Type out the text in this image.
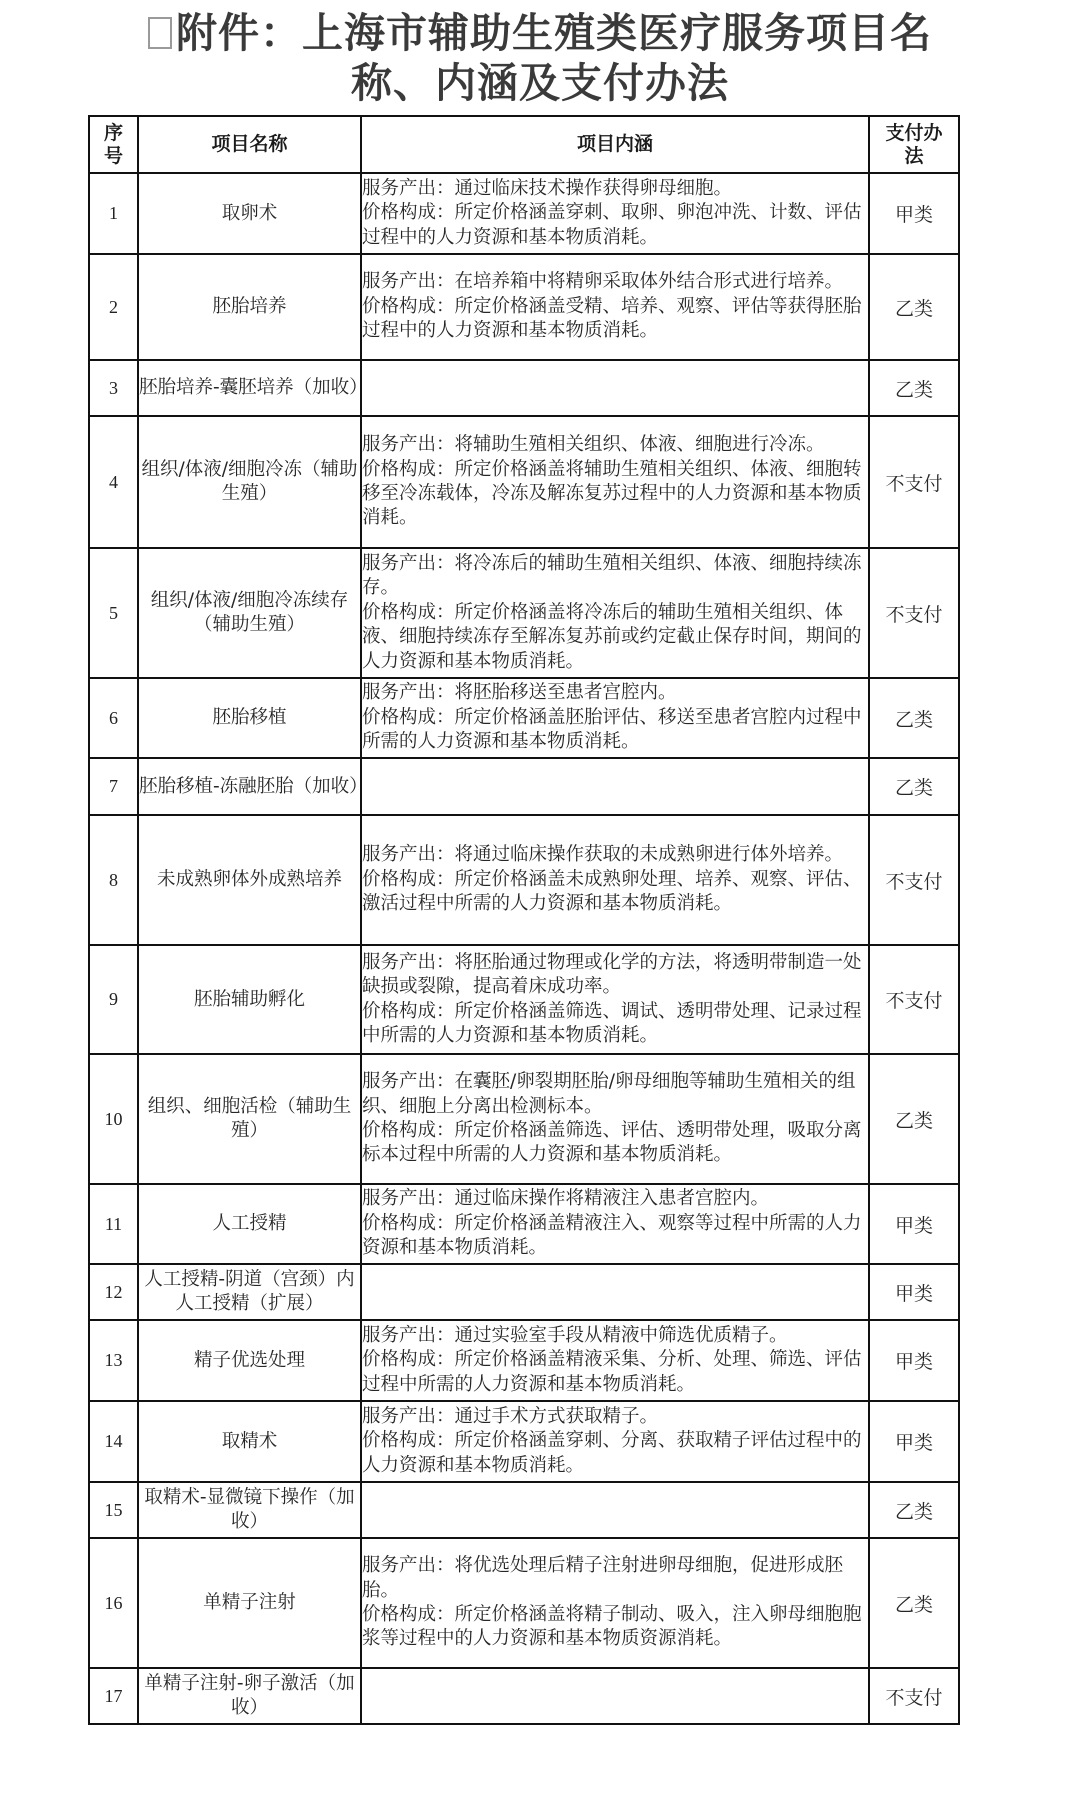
附件：上海市辅助生殖类医疗服务项目名
称、内涵及支付办法
序
号	项目名称	项目内涵	支付办
法
1	取卵术	服务产出：通过临床技术操作获得卵母细胞。
价格构成：所定价格涵盖穿刺、取卵、卵泡冲洗、计数、评估过程中的人力资源和基本物质消耗。	甲类
2	胚胎培养	服务产出：在培养箱中将精卵采取体外结合形式进行培养。
价格构成：所定价格涵盖受精、培养、观察、评估等获得胚胎过程中的人力资源和基本物质消耗。	乙类
3	胚胎培养-囊胚培养（加收）		乙类
4	组织/体液/细胞冷冻（辅助生殖）	服务产出：将辅助生殖相关组织、体液、细胞进行冷冻。
价格构成：所定价格涵盖将辅助生殖相关组织、体液、细胞转移至冷冻载体，冷冻及解冻复苏过程中的人力资源和基本物质消耗。	不支付
5	组织/体液/细胞冷冻续存（辅助生殖）	服务产出：将冷冻后的辅助生殖相关组织、体液、细胞持续冻存。
价格构成：所定价格涵盖将冷冻后的辅助生殖相关组织、体液、细胞持续冻存至解冻复苏前或约定截止保存时间，期间的人力资源和基本物质消耗。	不支付
6	胚胎移植	服务产出：将胚胎移送至患者宫腔内。
价格构成：所定价格涵盖胚胎评估、移送至患者宫腔内过程中所需的人力资源和基本物质消耗。	乙类
7	胚胎移植-冻融胚胎（加收）		乙类
8	未成熟卵体外成熟培养	服务产出：将通过临床操作获取的未成熟卵进行体外培养。
价格构成：所定价格涵盖未成熟卵处理、培养、观察、评估、激活过程中所需的人力资源和基本物质消耗。	不支付
9	胚胎辅助孵化	服务产出：将胚胎通过物理或化学的方法，将透明带制造一处缺损或裂隙，提高着床成功率。
价格构成：所定价格涵盖筛选、调试、透明带处理、记录过程中所需的人力资源和基本物质消耗。	不支付
10	组织、细胞活检（辅助生殖）	服务产出：在囊胚/卵裂期胚胎/卵母细胞等辅助生殖相关的组织、细胞上分离出检测标本。
价格构成：所定价格涵盖筛选、评估、透明带处理，吸取分离标本过程中所需的人力资源和基本物质消耗。	乙类
11	人工授精	服务产出：通过临床操作将精液注入患者宫腔内。
价格构成：所定价格涵盖精液注入、观察等过程中所需的人力资源和基本物质消耗。	甲类
12	人工授精-阴道（宫颈）内人工授精（扩展）		甲类
13	精子优选处理	服务产出：通过实验室手段从精液中筛选优质精子。
价格构成：所定价格涵盖精液采集、分析、处理、筛选、评估过程中所需的人力资源和基本物质消耗。	甲类
14	取精术	服务产出：通过手术方式获取精子。
价格构成：所定价格涵盖穿刺、分离、获取精子评估过程中的人力资源和基本物质消耗。	甲类
15	取精术-显微镜下操作（加收）		乙类
16	单精子注射	服务产出：将优选处理后精子注射进卵母细胞，促进形成胚胎。
价格构成：所定价格涵盖将精子制动、吸入，注入卵母细胞胞浆等过程中的人力资源和基本物质资源消耗。	乙类
17	单精子注射-卵子激活（加收）		不支付
